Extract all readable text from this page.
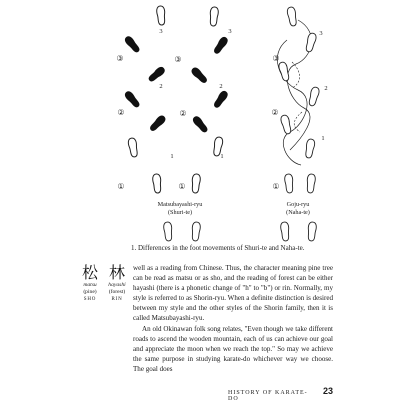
3	3
2	2
1	1
3
2
1
③	③
②	②
①	①
③
②
①
Matsubayashi-ryu
(Shuri-te)
Goju-ryu
(Naha-te)
1. Differences in the foot movements of Shuri-te and Naha-te.
松
matsu
(pine)
SHO
林
hayashi
(forest)
RIN

well as a reading from Chinese. Thus, the character meaning pine tree can be read as matsu or as sho, and the reading of forest can be either hayashi (there is a phonetic change of "h" to "b") or rin. Normally, my style is referred to as Shorin-ryu. When a definite distinction is desired between my style and the other styles of the Shorin family, then it is called Matsubayashi-ryu.

An old Okinawan folk song relates, "Even though we take different roads to ascend the wooden mountain, each of us can achieve our goal and appreciate the moon when we reach the top." So may we achieve the same purpose in studying karate-do whichever way we choose. The goal does

HISTORY OF KARATE-DO
23
